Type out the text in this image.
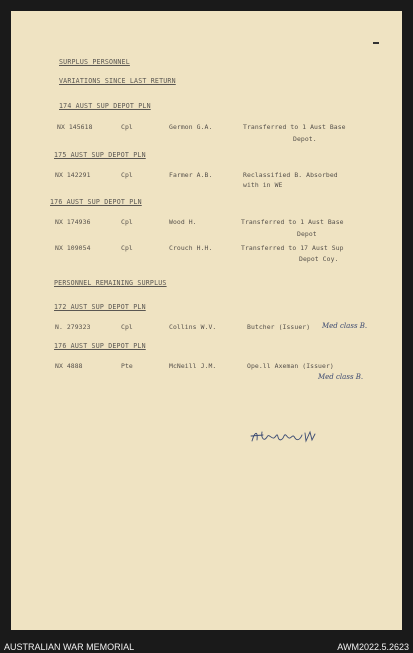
SURPLUS PERSONNEL
VARIATIONS SINCE LAST RETURN
174 AUST SUP DEPOT PLN
NX 145618	Cpl	Germon G.A.	Transferred to 1 Aust Base
Depot.
175 AUST SUP DEPOT PLN
NX 142291	Cpl	Farmer A.B.	Reclassified B. Absorbed
with in WE
176 AUST SUP DEPOT PLN
NX 174936	Cpl	Wood H.	Transferred to 1 Aust Base
Depot
NX 109054	Cpl	Crouch H.H.	Transferred to 17 Aust Sup
Depot Coy.
PERSONNEL REMAINING SURPLUS
172 AUST SUP DEPOT PLN
N. 279323	Cpl	Collins W.V.	Butcher (Issuer) Med class B.
176 AUST SUP DEPOT PLN
NX 4888	Pte	McNeill J.M.	Ope.ll Axeman (Issuer)
Med class B.
AUSTRALIAN WAR MEMORIAL	AWM2022.5.2623
